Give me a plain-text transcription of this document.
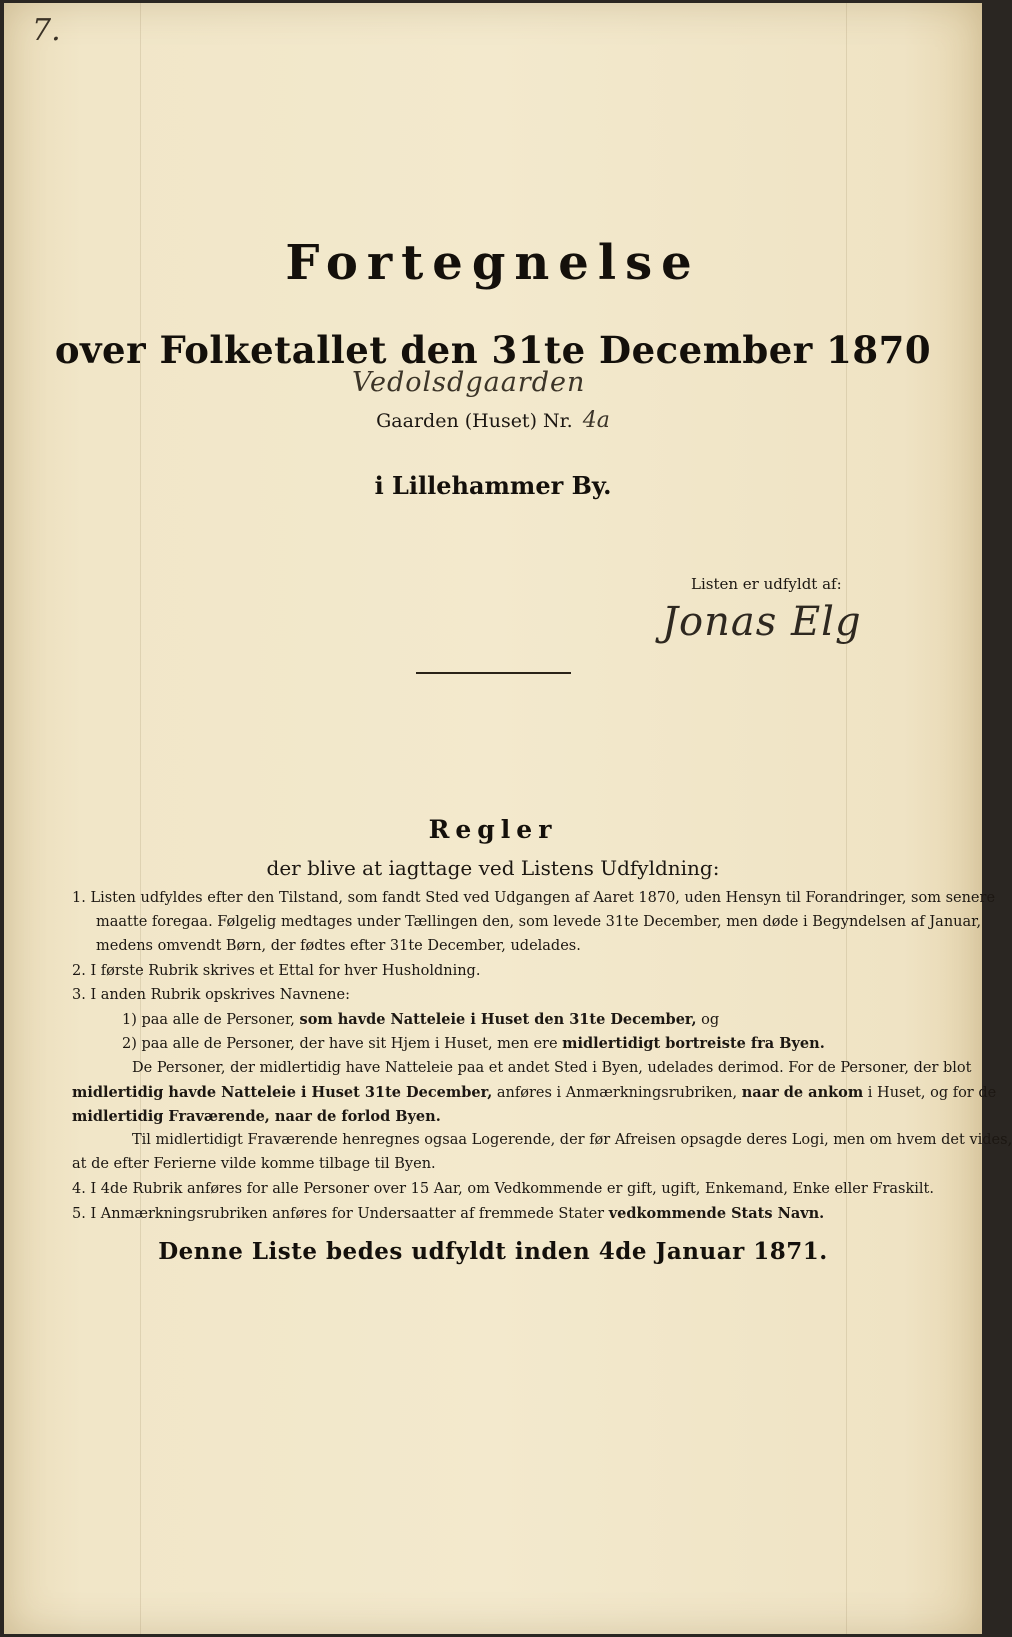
7.
Fortegnelse
over Folketallet den 31te December 1870
Vedolsdgaarden
Gaarden (Huset) Nr. 4a
i Lillehammer By.
Listen er udfyldt af:
Jonas Elg
Regler
der blive at iagttage ved Listens Udfyldning:
1. Listen udfyldes efter den Tilstand, som fandt Sted ved Udgangen af Aaret 1870, uden Hensyn til Forandringer, som senere
maatte foregaa. Følgelig medtages under Tællingen den, som levede 31te December, men døde i Begyndelsen af Januar,
medens omvendt Børn, der fødtes efter 31te December, udelades.
2. I første Rubrik skrives et Ettal for hver Husholdning.
3. I anden Rubrik opskrives Navnene:
1) paa alle de Personer, som havde Natteleie i Huset den 31te December, og
2) paa alle de Personer, der have sit Hjem i Huset, men ere midlertidigt bortreiste fra Byen.
De Personer, der midlertidig have Natteleie paa et andet Sted i Byen, udelades derimod. For de Personer, der blot
midlertidig havde Natteleie i Huset 31te December, anføres i Anmærkningsrubriken, naar de ankom i Huset, og for de
midlertidig Fraværende, naar de forlod Byen.
Til midlertidigt Fraværende henregnes ogsaa Logerende, der før Afreisen opsagde deres Logi, men om hvem det vides,
at de efter Ferierne vilde komme tilbage til Byen.
4. I 4de Rubrik anføres for alle Personer over 15 Aar, om Vedkommende er gift, ugift, Enkemand, Enke eller Fraskilt.
5. I Anmærkningsrubriken anføres for Undersaatter af fremmede Stater vedkommende Stats Navn.
Denne Liste bedes udfyldt inden 4de Januar 1871.
